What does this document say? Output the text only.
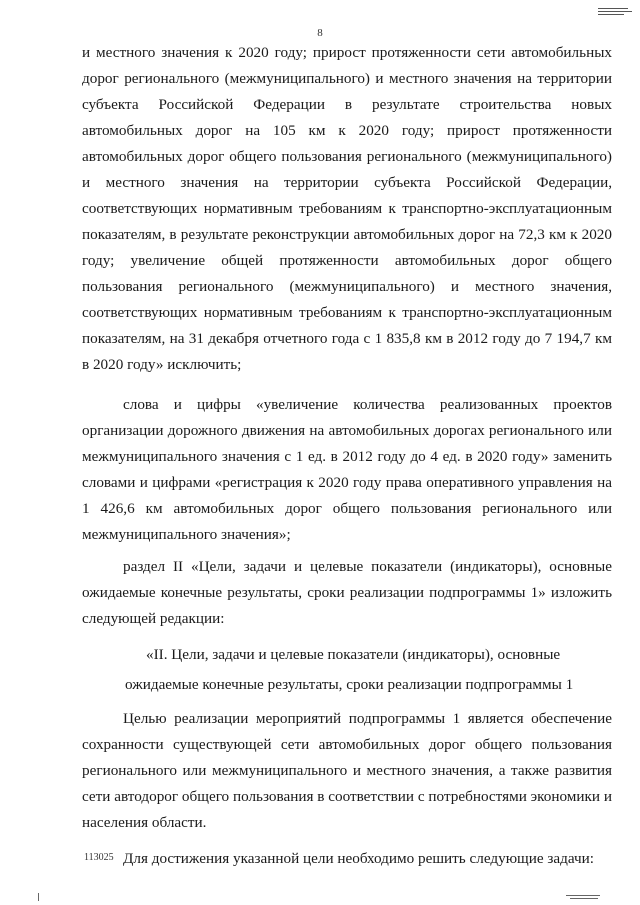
8

и местного значения к 2020 году; прирост протяженности сети автомобильных дорог регионального (межмуниципального) и местного значения на территории субъекта Российской Федерации в результате строительства новых автомобильных дорог на 105 км к 2020 году; прирост протяженности автомобильных дорог общего пользования регионального (межмуниципального) и местного значения на территории субъекта Российской Федерации, соответствующих нормативным требованиям к транспортно-эксплуатационным показателям, в результате реконструкции автомобильных дорог на 72,3 км к 2020 году; увеличение общей протяженности автомобильных дорог общего пользования регионального (межмуниципального) и местного значения, соответствующих нормативным требованиям к транспортно-эксплуатационным показателям, на 31 декабря отчетного года с 1 835,8 км в 2012 году до 7 194,7 км в 2020 году» исключить;

слова и цифры «увеличение количества реализованных проектов организации дорожного движения на автомобильных дорогах регионального или межмуниципального значения с 1 ед. в 2012 году до 4 ед. в 2020 году» заменить словами и цифрами «регистрация к 2020 году права оперативного управления на 1 426,6 км автомобильных дорог общего пользования регионального или межмуниципального значения»;

раздел II «Цели, задачи и целевые показатели (индикаторы), основные ожидаемые конечные результаты, сроки реализации подпрограммы 1» изложить следующей редакции:

«II. Цели, задачи и целевые показатели (индикаторы), основные

ожидаемые конечные результаты, сроки реализации подпрограммы 1

Целью реализации мероприятий подпрограммы 1 является обеспечение сохранности существующей сети автомобильных дорог общего пользования регионального или межмуниципального и местного значения, а также развития сети автодорог общего пользования в соответствии с потребностями экономики и населения области.

Для достижения указанной цели необходимо решить следующие задачи:

113025
